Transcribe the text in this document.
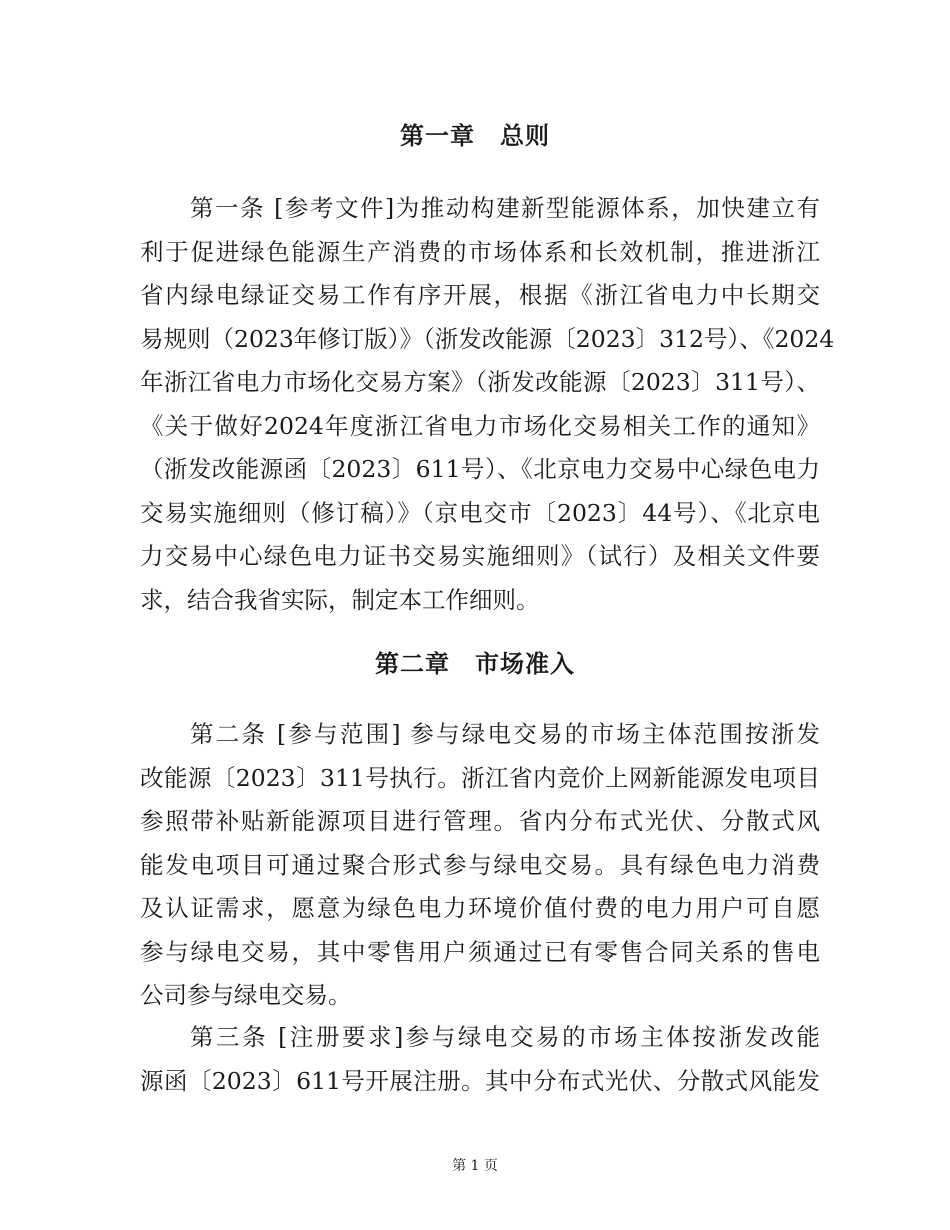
第一章　总则
第一条 [参考文件]为推动构建新型能源体系，加快建立有
利于促进绿色能源生产消费的市场体系和长效机制，推进浙江
省内绿电绿证交易工作有序开展，根据《浙江省电力中长期交
易规则（2023年修订版）》（浙发改能源〔2023〕312号）、《2024
年浙江省电力市场化交易方案》（浙发改能源〔2023〕311号）、
《关于做好2024年度浙江省电力市场化交易相关工作的通知》
（浙发改能源函〔2023〕611号）、《北京电力交易中心绿色电力
交易实施细则（修订稿）》（京电交市〔2023〕44号）、《北京电
力交易中心绿色电力证书交易实施细则》（试行）及相关文件要
求，结合我省实际，制定本工作细则。
第二章　市场准入
第二条 [参与范围] 参与绿电交易的市场主体范围按浙发
改能源〔2023〕311号执行。浙江省内竞价上网新能源发电项目
参照带补贴新能源项目进行管理。省内分布式光伏、分散式风
能发电项目可通过聚合形式参与绿电交易。具有绿色电力消费
及认证需求，愿意为绿色电力环境价值付费的电力用户可自愿
参与绿电交易，其中零售用户须通过已有零售合同关系的售电
公司参与绿电交易。
第三条 [注册要求]参与绿电交易的市场主体按浙发改能
源函〔2023〕611号开展注册。其中分布式光伏、分散式风能发
第 1 页
